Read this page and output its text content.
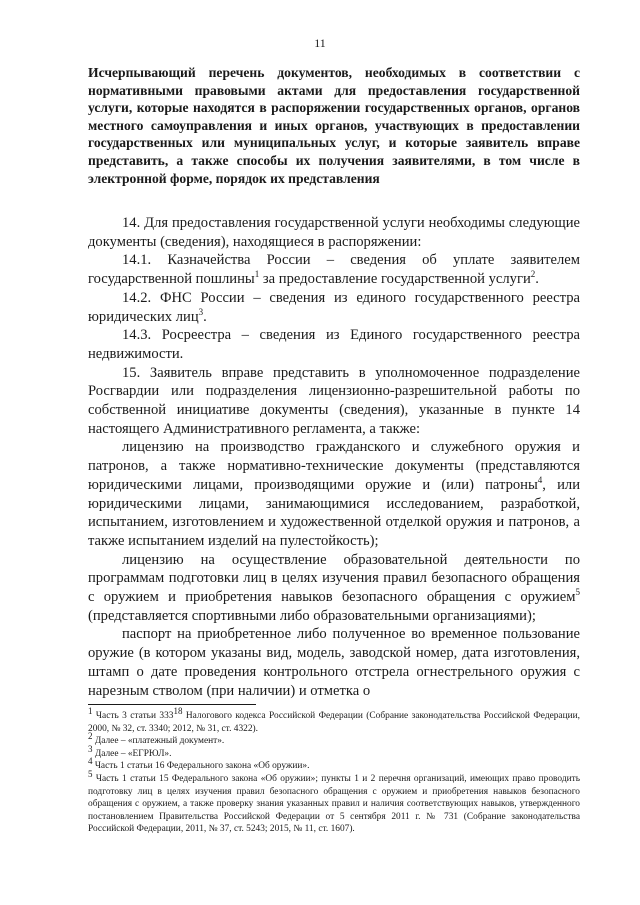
11
Исчерпывающий перечень документов, необходимых в соответствии с нормативными правовыми актами для предоставления государственной услуги, которые находятся в распоряжении государственных органов, органов местного самоуправления и иных органов, участвующих в предоставлении государственных или муниципальных услуг, и которые заявитель вправе представить, а также способы их получения заявителями, в том числе в электронной форме, порядок их представления

14. Для предоставления государственной услуги необходимы следующие документы (сведения), находящиеся в распоряжении:

14.1. Казначейства России – сведения об уплате заявителем государственной пошлины$^1$ за предоставление государственной услуги$^2$.

14.2. ФНС России – сведения из единого государственного реестра юридических лиц$^3$.

14.3. Росреестра – сведения из Единого государственного реестра недвижимости.

15. Заявитель вправе представить в уполномоченное подразделение Росгвардии или подразделения лицензионно-разрешительной работы по собственной инициативе документы (сведения), указанные в пункте 14 настоящего Административного регламента, а также:

лицензию на производство гражданского и служебного оружия и патронов, а также нормативно-технические документы (представляются юридическими лицами, производящими оружие и (или) патроны$^4$, или юридическими лицами, занимающимися исследованием, разработкой, испытанием, изготовлением и художественной отделкой оружия и патронов, а также испытанием изделий на пулестойкость);

лицензию на осуществление образовательной деятельности по программам подготовки лиц в целях изучения правил безопасного обращения с оружием и приобретения навыков безопасного обращения с оружием$^5$ (представляется спортивными либо образовательными организациями);

паспорт на приобретенное либо полученное во временное пользование оружие (в котором указаны вид, модель, заводской номер, дата изготовления, штамп о дате проведения контрольного отстрела огнестрельного оружия с нарезным стволом (при наличии) и отметка о

$^1$ Часть 3 статьи $333^{18}$ Налогового кодекса Российской Федерации (Собрание законодательства Российской Федерации, 2000, № 32, ст. 3340; 2012, № 31, ст. 4322).

$^2$ Далее – «платежный документ».

$^3$ Далее – «ЕГРЮЛ».

$^4$ Часть 1 статьи 16 Федерального закона «Об оружии».

$^5$ Часть 1 статьи 15 Федерального закона «Об оружии»; пункты 1 и 2 перечня организаций, имеющих право проводить подготовку лиц в целях изучения правил безопасного обращения с оружием и приобретения навыков безопасного обращения с оружием, а также проверку знания указанных правил и наличия соответствующих навыков, утвержденного постановлением Правительства Российской Федерации от 5 сентября 2011 г. № 731 (Собрание законодательства Российской Федерации, 2011, № 37, ст. 5243; 2015, № 11, ст. 1607).
